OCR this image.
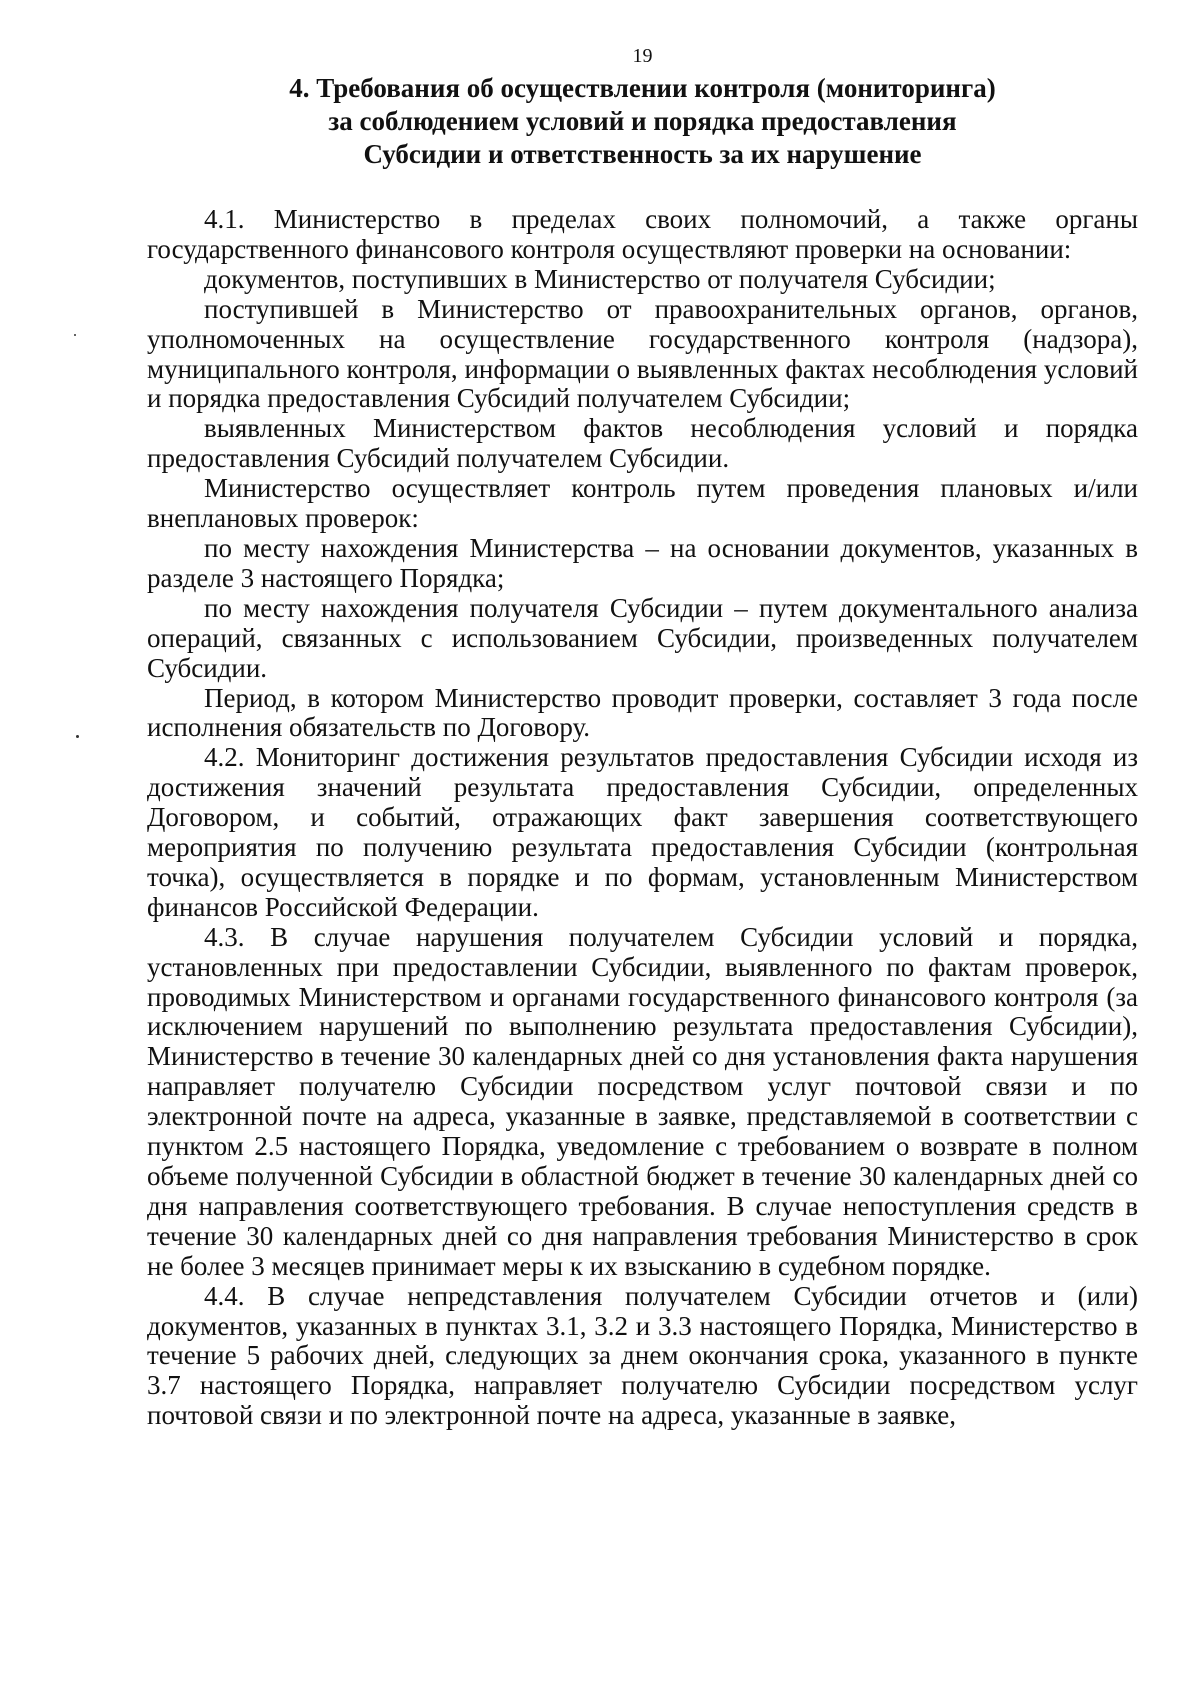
19
4. Требования об осуществлении контроля (мониторинга)
за соблюдением условий и порядка предоставления
Субсидии и ответственность за их нарушение

4.1. Министерство в пределах своих полномочий, а также органы государственного финансового контроля осуществляют проверки на основании:

документов, поступивших в Министерство от получателя Субсидии;

поступившей в Министерство от правоохранительных органов, органов, уполномоченных на осуществление государственного контроля (надзора), муниципального контроля, информации о выявленных фактах несоблюдения условий и порядка предоставления Субсидий получателем Субсидии;

выявленных Министерством фактов несоблюдения условий и порядка предоставления Субсидий получателем Субсидии.

Министерство осуществляет контроль путем проведения плановых и/или внеплановых проверок:

по месту нахождения Министерства – на основании документов, указанных в разделе 3 настоящего Порядка;

по месту нахождения получателя Субсидии – путем документального анализа операций, связанных с использованием Субсидии, произведенных получателем Субсидии.

Период, в котором Министерство проводит проверки, составляет 3 года после исполнения обязательств по Договору.

4.2. Мониторинг достижения результатов предоставления Субсидии исходя из достижения значений результата предоставления Субсидии, определенных Договором, и событий, отражающих факт завершения соответствующего мероприятия по получению результата предоставления Субсидии (контрольная точка), осуществляется в порядке и по формам, установленным Министерством финансов Российской Федерации.

4.3. В случае нарушения получателем Субсидии условий и порядка, установленных при предоставлении Субсидии, выявленного по фактам проверок, проводимых Министерством и органами государственного финансового контроля (за исключением нарушений по выполнению результата предоставления Субсидии), Министерство в течение 30 календарных дней со дня установления факта нарушения направляет получателю Субсидии посредством услуг почтовой связи и по электронной почте на адреса, указанные в заявке, представляемой в соответствии с пунктом 2.5 настоящего Порядка, уведомление с требованием о возврате в полном объеме полученной Субсидии в областной бюджет в течение 30 календарных дней со дня направления соответствующего требования. В случае непоступления средств в течение 30 календарных дней со дня направления требования Министерство в срок не более 3 месяцев принимает меры к их взысканию в судебном порядке.

4.4. В случае непредставления получателем Субсидии отчетов и (или) документов, указанных в пунктах 3.1, 3.2 и 3.3 настоящего Порядка, Министерство в течение 5 рабочих дней, следующих за днем окончания срока, указанного в пункте 3.7 настоящего Порядка, направляет получателю Субсидии посредством услуг почтовой связи и по электронной почте на адреса, указанные в заявке,
